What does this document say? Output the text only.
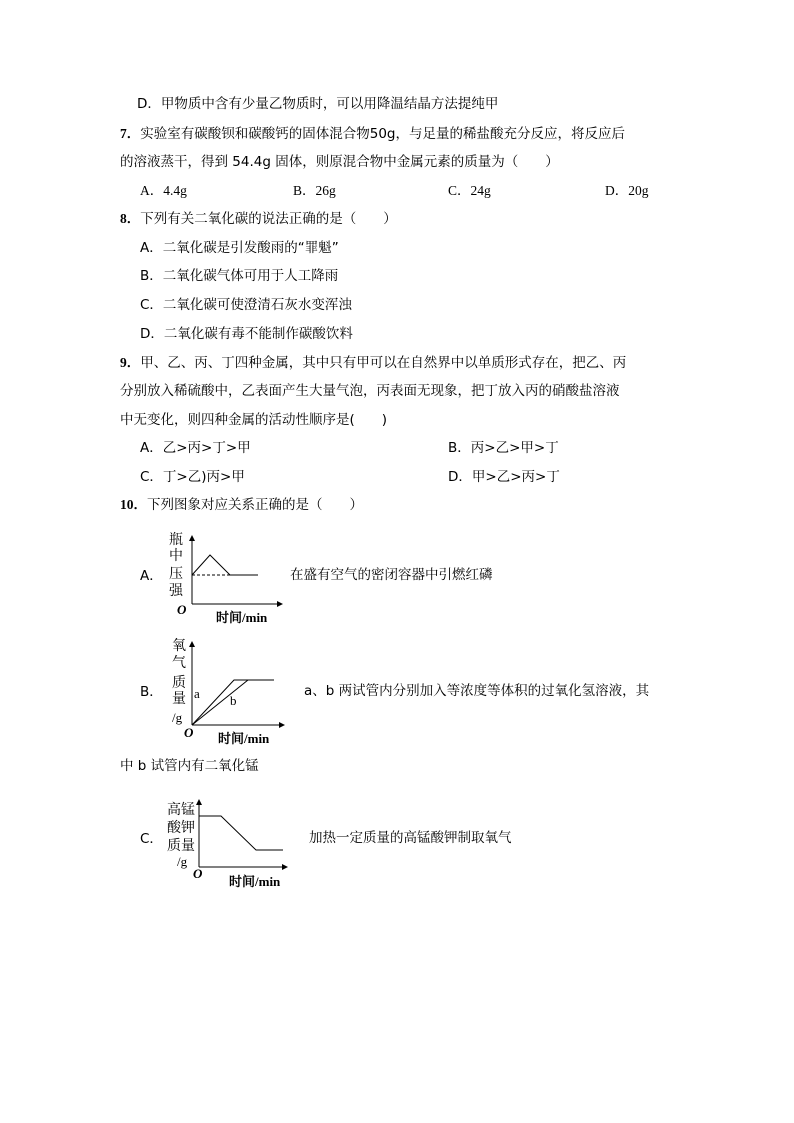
D．甲物质中含有少量乙物质时，可以用降温结晶方法提纯甲
7．实验室有碳酸钡和碳酸钙的固体混合物50g，与足量的稀盐酸充分反应，将反应后
的溶液蒸干，得到 54.4g 固体，则原混合物中金属元素的质量为（　　）
A．4.4g	B．26g	C．24g	D．20g
8．下列有关二氧化碳的说法正确的是（　　）
A．二氧化碳是引发酸雨的“罪魁”
B．二氧化碳气体可用于人工降雨
C．二氧化碳可使澄清石灰水变浑浊
D．二氧化碳有毒不能制作碳酸饮料
9．甲、乙、丙、丁四种金属，其中只有甲可以在自然界中以单质形式存在，把乙、丙
分别放入稀硫酸中，乙表面产生大量气泡，丙表面无现象，把丁放入丙的硝酸盐溶液
中无变化，则四种金属的活动性顺序是(　　)
A．乙>丙>丁>甲	B．丙>乙>甲>丁
C．丁>乙)丙>甲	D．甲>乙>丙>丁
10．下列图象对应关系正确的是（　　）
A．
瓶
中
压
强
O
时间/min
在盛有空气的密闭容器中引燃红磷
B．
氧
气
质
量
/g
a b
O 时间/min
a、b 两试管内分别加入等浓度等体积的过氧化氢溶液，其
中 b 试管内有二氧化锰
C．
高锰
酸钾
质量
/g
O
时间/min
加热一定质量的高锰酸钾制取氧气
